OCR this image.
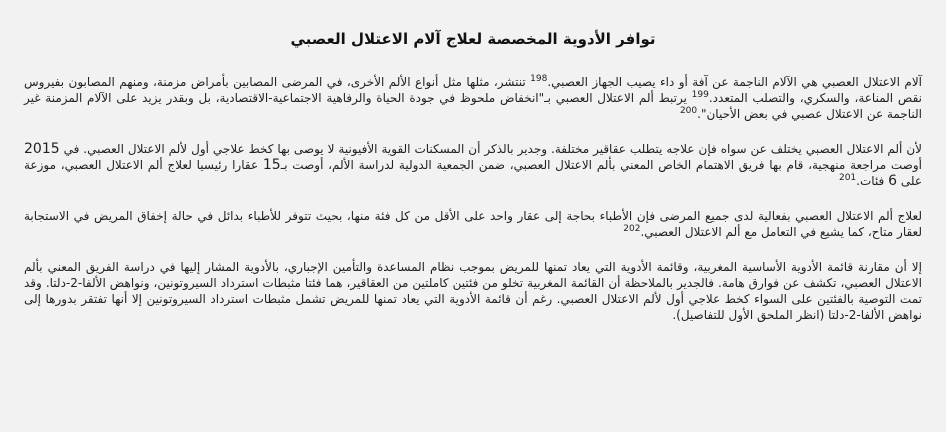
توافر الأدوية المخصصة لعلاج آلام الاعتلال العصبي

آلام الاعتلال العصبي هي الآلام الناجمة عن آفة أو داء يصيب الجهاز العصبي.$^{198}$ تنتشر، مثلها مثل أنواع الألم الأخرى، في المرضى المصابين بأمراض مزمنة، ومنهم المصابون بفيروس نقص المناعة، والسكري، والتصلب المتعدد.$^{199}$ يرتبط ألم الاعتلال العصبي بـ"انخفاض ملحوظ في جودة الحياة والرفاهية الاجتماعية-الاقتصادية، بل وبقدر يزيد على الآلام المزمنة غير الناجمة عن الاعتلال عصبي في بعض الأحيان".$^{200}$

لأن ألم الاعتلال العصبي يختلف عن سواه فإن علاجه يتطلب عقاقير مختلفة. وجدير بالذكر أن المسكنات القوية الأفيونية لا يوصى بها كخط علاجي أول لألم الاعتلال العصبي. في 2015 أوصت مراجعة منهجية، قام بها فريق الاهتمام الخاص المعني بألم الاعتلال العصبي، ضمن الجمعية الدولية لدراسة الألم، أوصت بـ15 عقارا رئيسيا لعلاج ألم الاعتلال العصبي، موزعة على 6 فئات.$^{201}$

لعلاج ألم الاعتلال العصبي بفعالية لدى جميع المرضى فإن الأطباء بحاجة إلى عقار واحد على الأقل من كل فئة منها، بحيث تتوفر للأطباء بدائل في حالة إخفاق المريض في الاستجابة لعقار متاح، كما يشيع في التعامل مع ألم الاعتلال العصبي.$^{202}$

إلا أن مقارنة قائمة الأدوية الأساسية المغربية، وقائمة الأدوية التي يعاد تمنها للمريض بموجب نظام المساعدة والتأمين الإجباري، بالأدوية المشار إليها في دراسة الفريق المعني بألم الاعتلال العصبي، تكشف عن فوارق هامة. فالجدير بالملاحظة أن القائمة المغربية تخلو من فئتين كاملتين من العقاقير، هما فئتا مثبطات استرداد السيروتونين، ونواهض الألفا-2-دلتا. وقد تمت التوصية بالفئتين على السواء كخط علاجي أول لألم الاعتلال العصبي. رغم أن قائمة الأدوية التي يعاد تمنها للمريض تشمل مثبطات استرداد السيروتونين إلا أنها تفتقر بدورها إلى نواهض الألفا-2-دلتا (انظر الملحق الأول للتفاصيل).
